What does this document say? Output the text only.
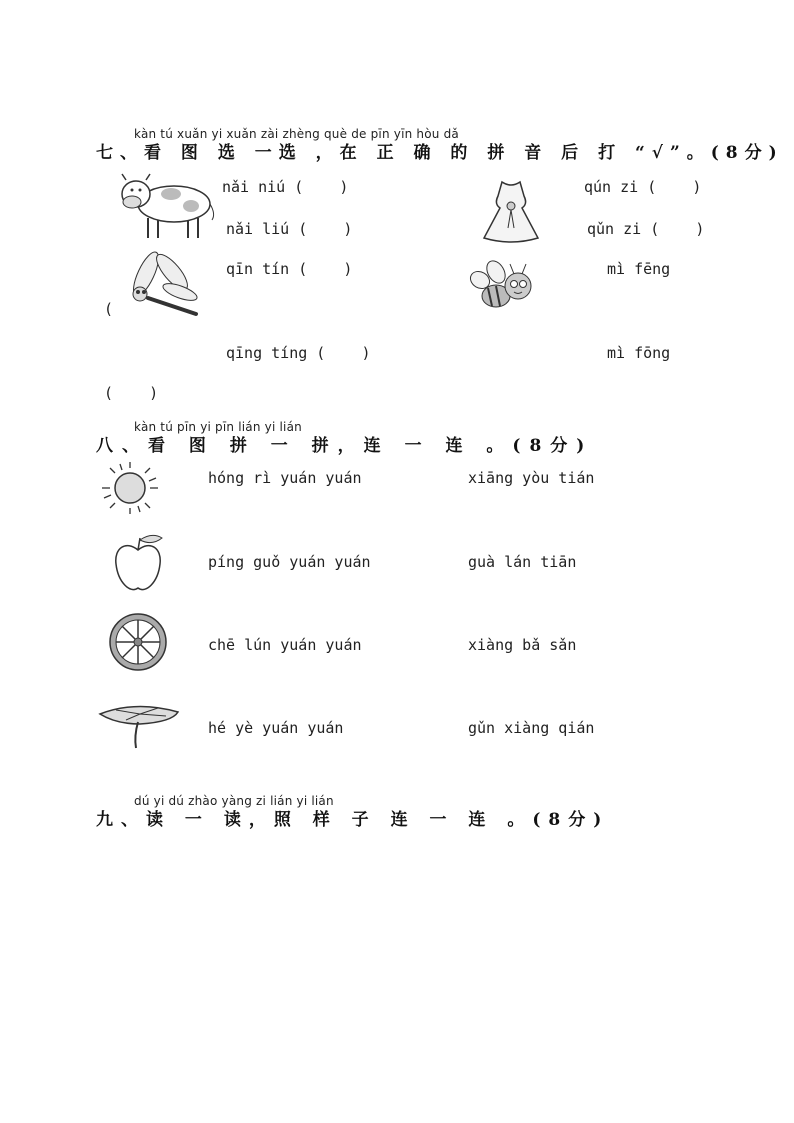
kàn tú xuǎn yi xuǎn zài zhèng què de pīn yīn hòu dǎ
七、看 图 选 一选 ，在 正 确 的 拼 音 后 打 “√”。(8分)
nǎi niú (    )
nǎi liú (    )
qún zi (    )
qǔn zi (    )
qīn tín (    )
(
qīng tíng (    )
(    )
mì fēng
mì fōng
kàn tú pīn yi pīn lián yi lián
八、看 图 拼 一 拼，连 一 连 。(8分)
hóng rì yuán yuán
píng guǒ yuán yuán
chē lún yuán yuán
hé yè yuán yuán
xiāng yòu tián
guà lán tiān
xiàng bǎ sǎn
gǔn xiàng qián
dú yi dú zhào yàng zi lián yi lián
九、读 一 读，照 样 子 连 一 连 。(8分)
